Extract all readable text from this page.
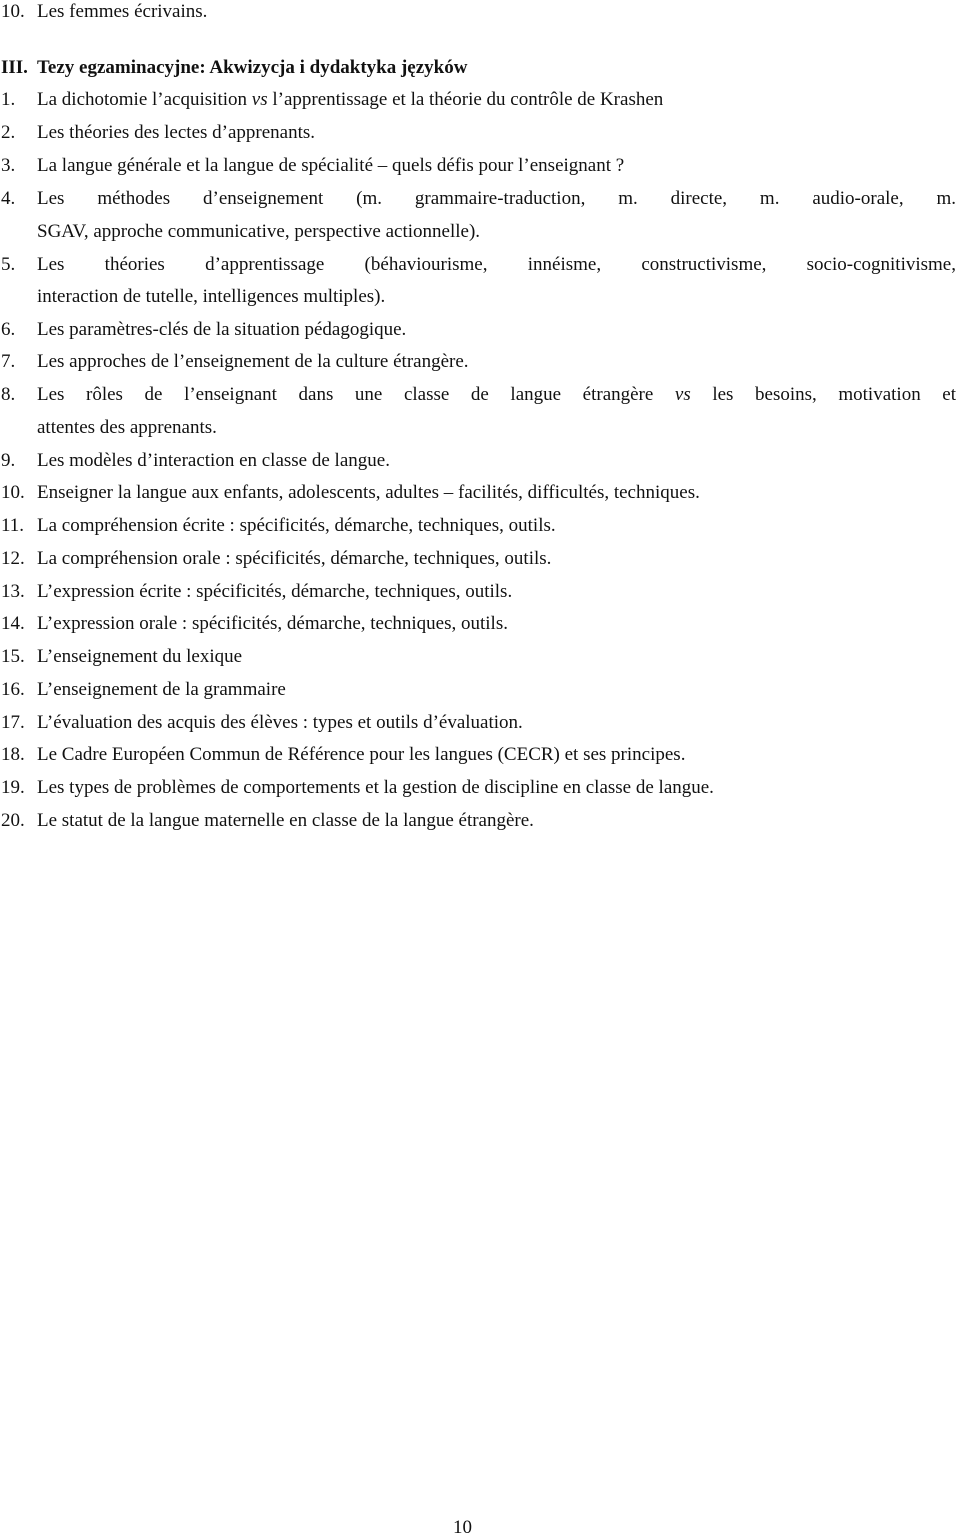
10. Les femmes écrivains.
III. Tezy egzaminacyjne: Akwizycja i dydaktyka języków
1. La dichotomie l’acquisition vs l’apprentissage et la théorie du contrôle de Krashen
2. Les théories des lectes d’apprenants.
3. La langue générale et la langue de spécialité – quels défis pour l’enseignant ?
4. Les méthodes d’enseignement (m. grammaire-traduction, m. directe, m. audio-orale, m.
SGAV, approche communicative, perspective actionnelle).
5. Les théories d’apprentissage (béhaviourisme, innéisme, constructivisme, socio-cognitivisme,
interaction de tutelle, intelligences multiples).
6. Les paramètres-clés de la situation pédagogique.
7. Les approches de l’enseignement de la culture étrangère.
8. Les rôles de l’enseignant dans une classe de langue étrangère vs les besoins, motivation et
attentes des apprenants.
9. Les modèles d’interaction en classe de langue.
10. Enseigner la langue aux enfants, adolescents, adultes – facilités, difficultés, techniques.
11. La compréhension écrite : spécificités, démarche, techniques, outils.
12. La compréhension orale : spécificités, démarche, techniques, outils.
13. L’expression écrite : spécificités, démarche, techniques, outils.
14. L’expression orale : spécificités, démarche, techniques, outils.
15. L’enseignement du lexique
16. L’enseignement de la grammaire
17. L’évaluation des acquis des élèves : types et outils d’évaluation.
18. Le Cadre Européen Commun de Référence pour les langues (CECR) et ses principes.
19. Les types de problèmes de comportements et la gestion de discipline en classe de langue.
20. Le statut de la langue maternelle en classe de la langue étrangère.
10
